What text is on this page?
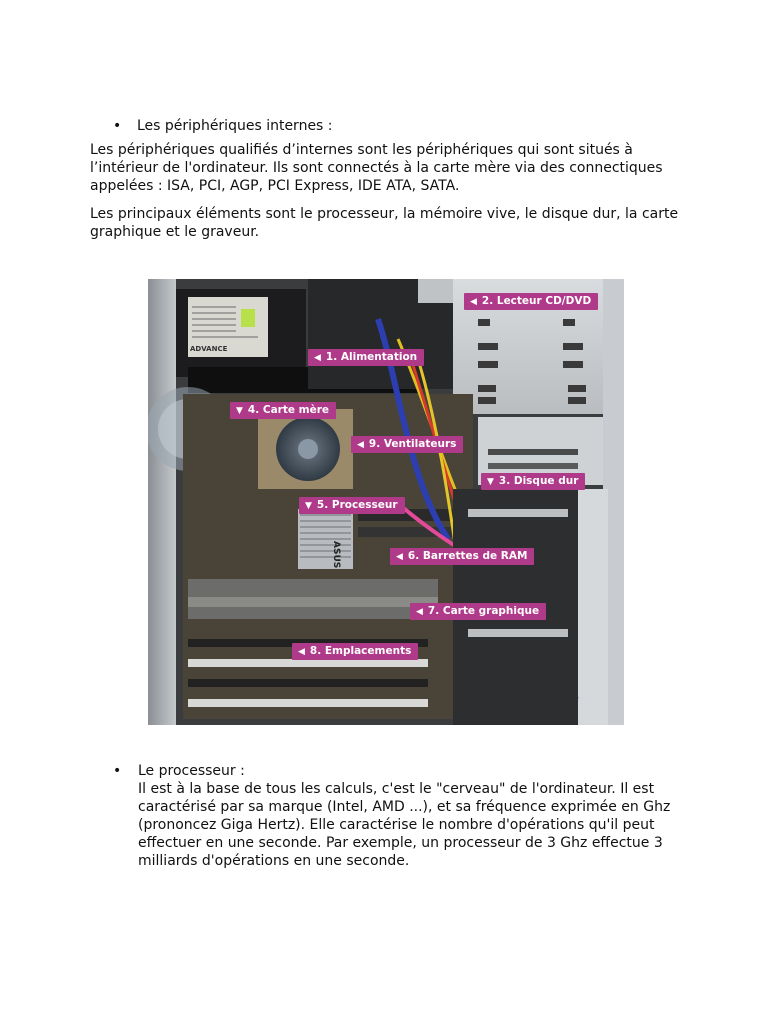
• Les périphériques internes :

Les périphériques qualifiés d’internes sont les périphériques qui sont situés à l’intérieur de l'ordinateur. Ils sont connectés à la carte mère via des connectiques appelées : ISA, PCI, AGP, PCI Express, IDE ATA, SATA.

Les principaux éléments sont le processeur, la mémoire vive, le disque dur, la carte graphique et le graveur.

ADVANCE
ASUS
◀ 2. Lecteur CD/DVD
◀ 1. Alimentation
▼ 4. Carte mère
◀ 9. Ventilateurs
▼ 3. Disque dur
▼ 5. Processeur
◀ 6. Barrettes de RAM
◀ 7. Carte graphique
◀ 8. Emplacements
• Le processeur :
Il est à la base de tous les calculs, c'est le "cerveau" de l'ordinateur. Il est caractérisé par sa marque (Intel, AMD ...), et sa fréquence exprimée en Ghz (prononcez Giga Hertz). Elle caractérise le nombre d'opérations qu'il peut effectuer en une seconde. Par exemple, un processeur de 3 Ghz effectue 3 milliards d'opérations en une seconde.
